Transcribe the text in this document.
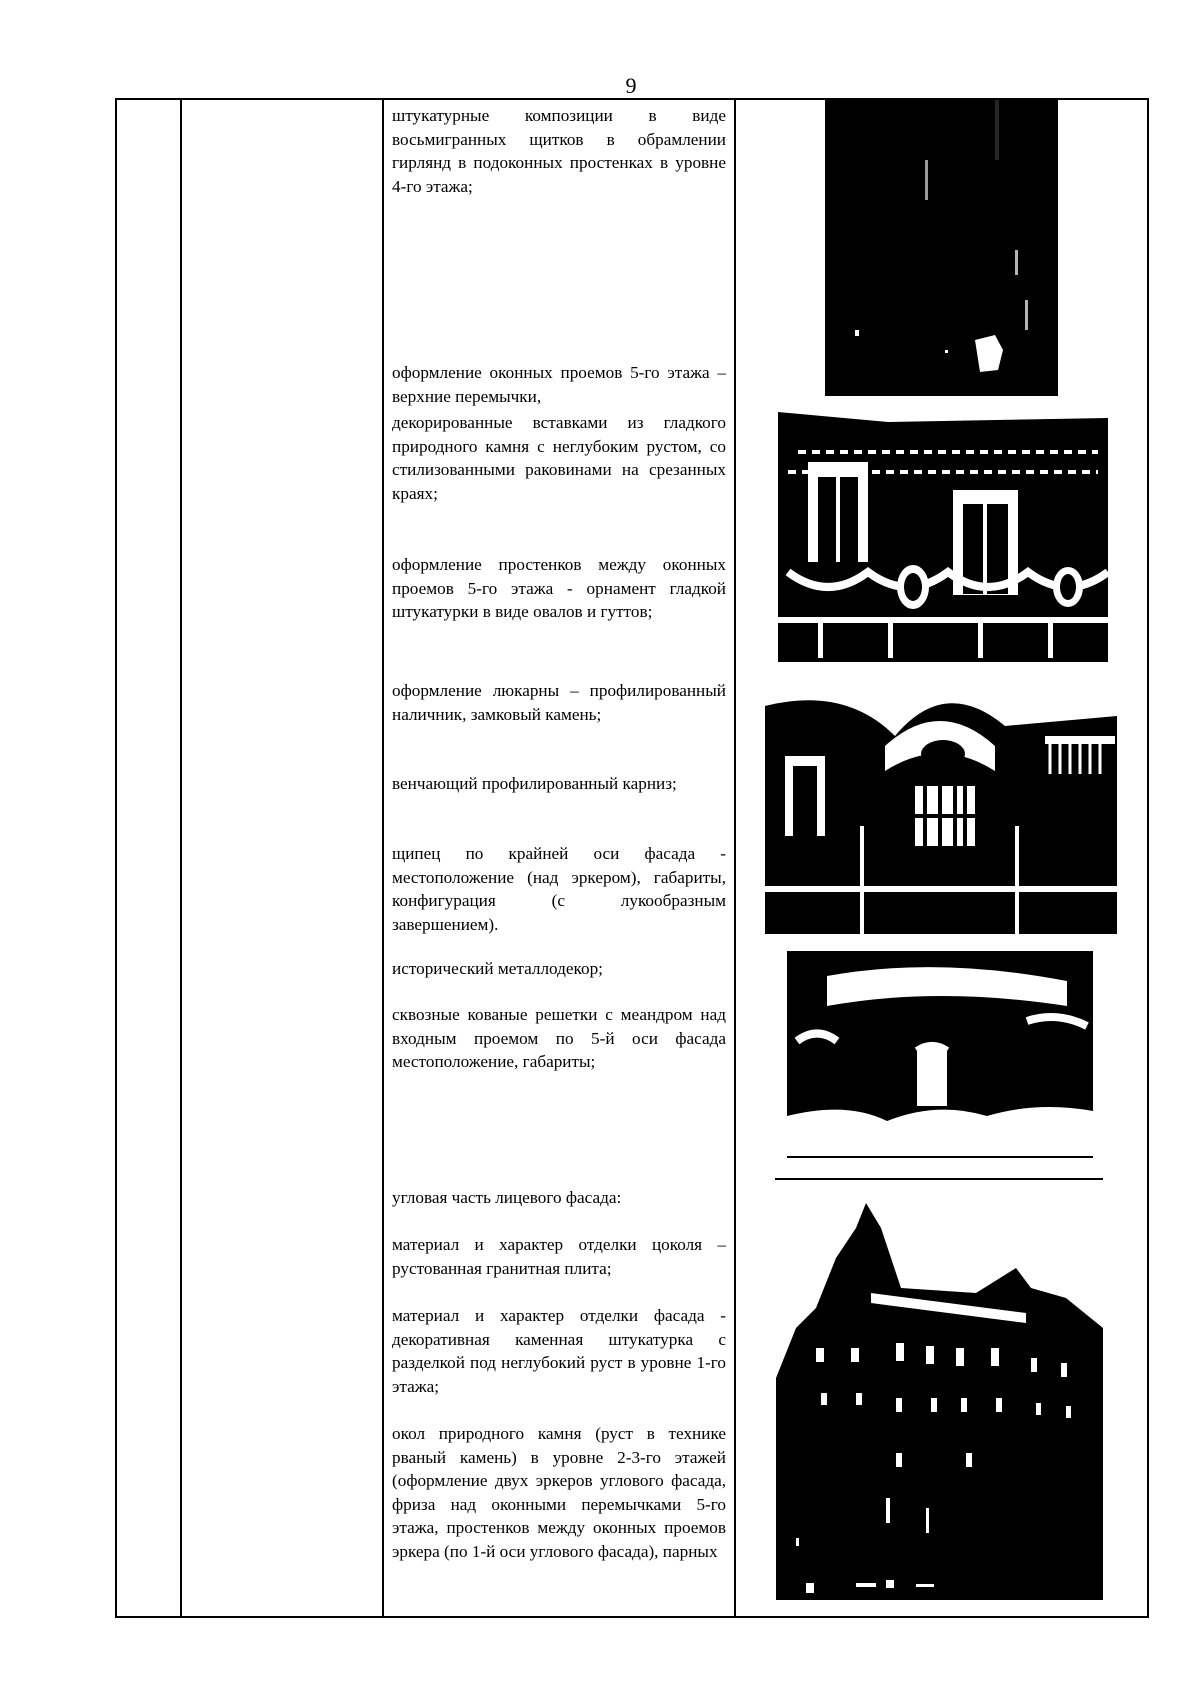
9
штукатурные композиции в виде восьмигранных щитков в обрамлении гирлянд в подоконных простенках в уровне 4-го этажа;
оформление оконных проемов 5-го этажа – верхние перемычки,
декорированные вставками из гладкого природного камня с неглубоким рустом, со стилизованными раковинами на срезанных краях;
оформление простенков между оконных проемов 5-го этажа - орнамент гладкой штукатурки в виде овалов и гуттов;
оформление люкарны – профилированный наличник, замковый камень;
венчающий профилированный карниз;
щипец по крайней оси фасада - местоположение (над эркером), габариты, конфигурация (с лукообразным завершением).
исторический металлодекор;
сквозные кованые решетки с меандром над входным проемом по 5-й оси фасада местоположение, габариты;
угловая часть лицевого фасада:
материал и характер отделки цоколя – рустованная гранитная плита;
материал и характер отделки фасада - декоративная каменная штукатурка с разделкой под неглубокий руст в уровне 1-го этажа;
окол природного камня (руст в технике рваный камень) в уровне 2-3-го этажей (оформление двух эркеров углового фасада, фриза над оконными перемычками 5-го этажа, простенков между оконных проемов эркера (по 1-й оси углового фасада), парных
